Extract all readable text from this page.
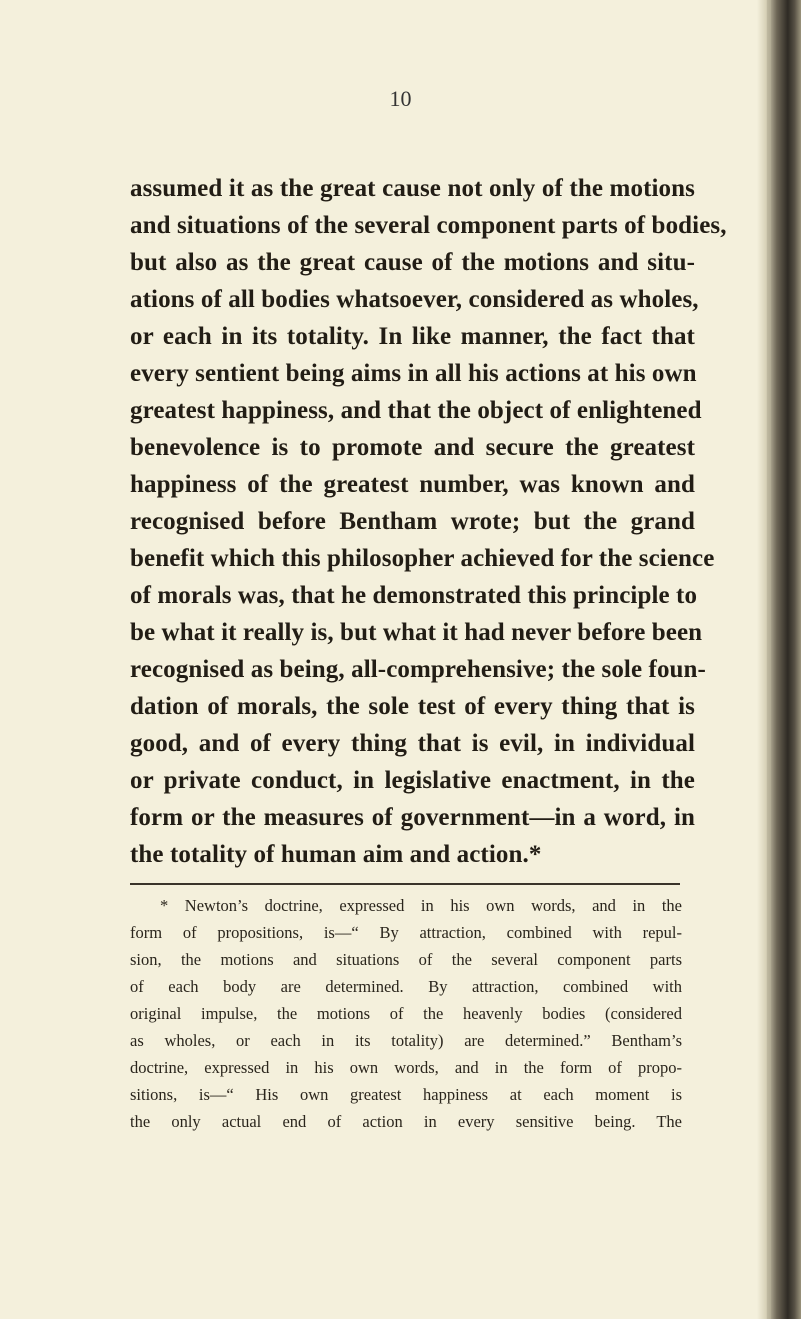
10
assumed it as the great cause not only of the motions
and situations of the several component parts of bodies,
but also as the great cause of the motions and situ-
ations of all bodies whatsoever, considered as wholes,
or each in its totality. In like manner, the fact that
every sentient being aims in all his actions at his own
greatest happiness, and that the object of enlightened
benevolence is to promote and secure the greatest
happiness of the greatest number, was known and
recognised before Bentham wrote; but the grand
benefit which this philosopher achieved for the science
of morals was, that he demonstrated this principle to
be what it really is, but what it had never before been
recognised as being, all-comprehensive; the sole foun-
dation of morals, the sole test of every thing that is
good, and of every thing that is evil, in individual
or private conduct, in legislative enactment, in the
form or the measures of government—in a word, in
the totality of human aim and action.*
* Newton’s doctrine, expressed in his own words, and in the
form of propositions, is—“ By attraction, combined with repul-
sion, the motions and situations of the several component parts
of each body are determined. By attraction, combined with
original impulse, the motions of the heavenly bodies (considered
as wholes, or each in its totality) are determined.” Bentham’s
doctrine, expressed in his own words, and in the form of propo-
sitions, is—“ His own greatest happiness at each moment is
the only actual end of action in every sensitive being. The
